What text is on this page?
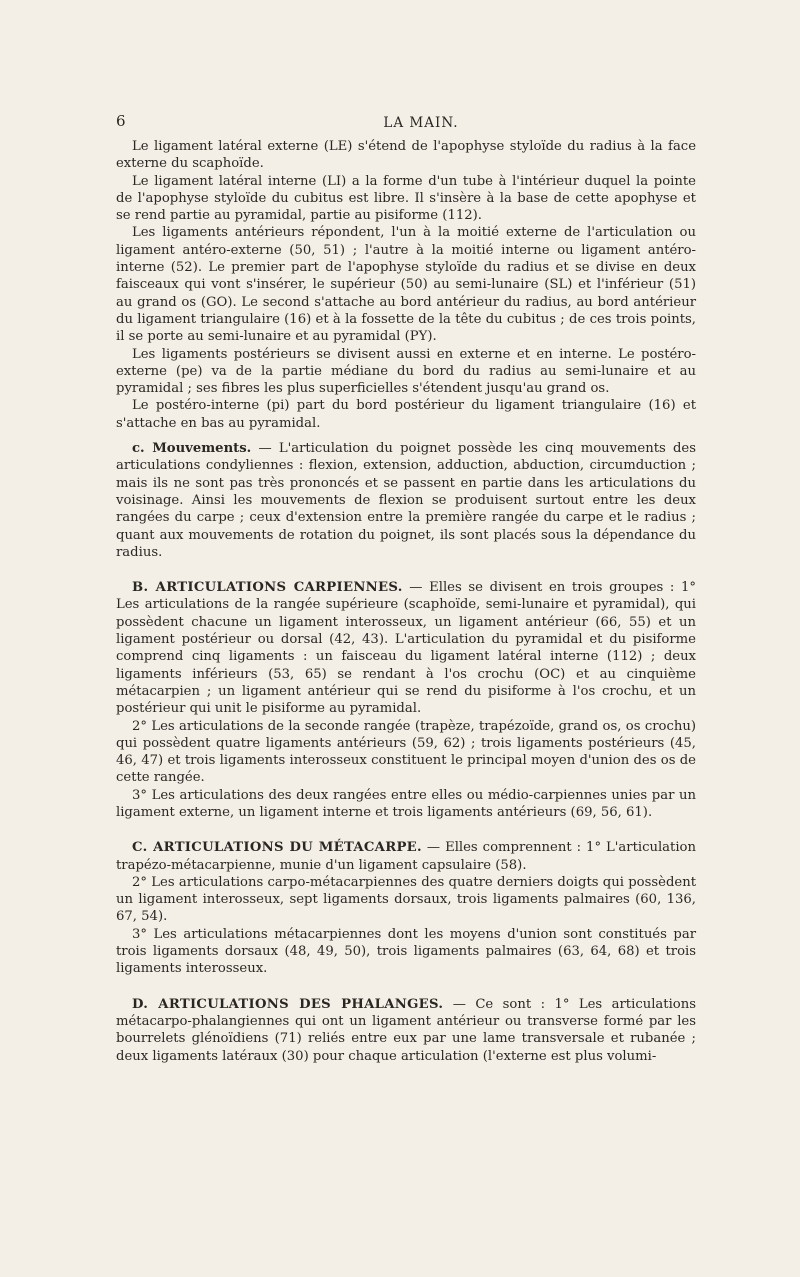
6	LA MAIN.

Le ligament latéral externe (LE) s'étend de l'apophyse styloïde du radius à la face externe du scaphoïde.

Le ligament latéral interne (LI) a la forme d'un tube à l'intérieur duquel la pointe de l'apophyse styloïde du cubitus est libre. Il s'insère à la base de cette apophyse et se rend partie au pyramidal, partie au pisiforme (112).

Les ligaments antérieurs répondent, l'un à la moitié externe de l'articulation ou ligament antéro-externe (50, 51) ; l'autre à la moitié interne ou ligament antéro-interne (52). Le premier part de l'apophyse styloïde du radius et se divise en deux faisceaux qui vont s'insérer, le supérieur (50) au semi-lunaire (SL) et l'inférieur (51) au grand os (GO). Le second s'attache au bord antérieur du radius, au bord antérieur du ligament triangulaire (16) et à la fossette de la tête du cubitus ; de ces trois points, il se porte au semi-lunaire et au pyramidal (PY).

Les ligaments postérieurs se divisent aussi en externe et en interne. Le postéro-externe (pe) va de la partie médiane du bord du radius au semi-lunaire et au pyramidal ; ses fibres les plus superficielles s'étendent jusqu'au grand os.

Le postéro-interne (pi) part du bord postérieur du ligament triangulaire (16) et s'attache en bas au pyramidal.

c. Mouvements. — L'articulation du poignet possède les cinq mouvements des articulations condyliennes : flexion, extension, adduction, abduction, circumduction ; mais ils ne sont pas très prononcés et se passent en partie dans les articulations du voisinage. Ainsi les mouvements de flexion se produisent surtout entre les deux rangées du carpe ; ceux d'extension entre la première rangée du carpe et le radius ; quant aux mouvements de rotation du poignet, ils sont placés sous la dépendance du radius.

B. ARTICULATIONS CARPIENNES. — Elles se divisent en trois groupes : 1° Les articulations de la rangée supérieure (scaphoïde, semi-lunaire et pyramidal), qui possèdent chacune un ligament interosseux, un ligament antérieur (66, 55) et un ligament postérieur ou dorsal (42, 43). L'articulation du pyramidal et du pisiforme comprend cinq ligaments : un faisceau du ligament latéral interne (112) ; deux ligaments inférieurs (53, 65) se rendant à l'os crochu (OC) et au cinquième métacarpien ; un ligament antérieur qui se rend du pisiforme à l'os crochu, et un postérieur qui unit le pisiforme au pyramidal.

2° Les articulations de la seconde rangée (trapèze, trapézoïde, grand os, os crochu) qui possèdent quatre ligaments antérieurs (59, 62) ; trois ligaments postérieurs (45, 46, 47) et trois ligaments interosseux constituent le principal moyen d'union des os de cette rangée.

3° Les articulations des deux rangées entre elles ou médio-carpiennes unies par un ligament externe, un ligament interne et trois ligaments antérieurs (69, 56, 61).

C. ARTICULATIONS DU MÉTACARPE. — Elles comprennent : 1° L'articulation trapézo-métacarpienne, munie d'un ligament capsulaire (58).

2° Les articulations carpo-métacarpiennes des quatre derniers doigts qui possèdent un ligament interosseux, sept ligaments dorsaux, trois ligaments palmaires (60, 136, 67, 54).

3° Les articulations métacarpiennes dont les moyens d'union sont constitués par trois ligaments dorsaux (48, 49, 50), trois ligaments palmaires (63, 64, 68) et trois ligaments interosseux.

D. ARTICULATIONS DES PHALANGES. — Ce sont : 1° Les articulations métacarpo-phalangiennes qui ont un ligament antérieur ou transverse formé par les bourrelets glénoïdiens (71) reliés entre eux par une lame transversale et rubanée ; deux ligaments latéraux (30) pour chaque articulation (l'externe est plus volumi-
